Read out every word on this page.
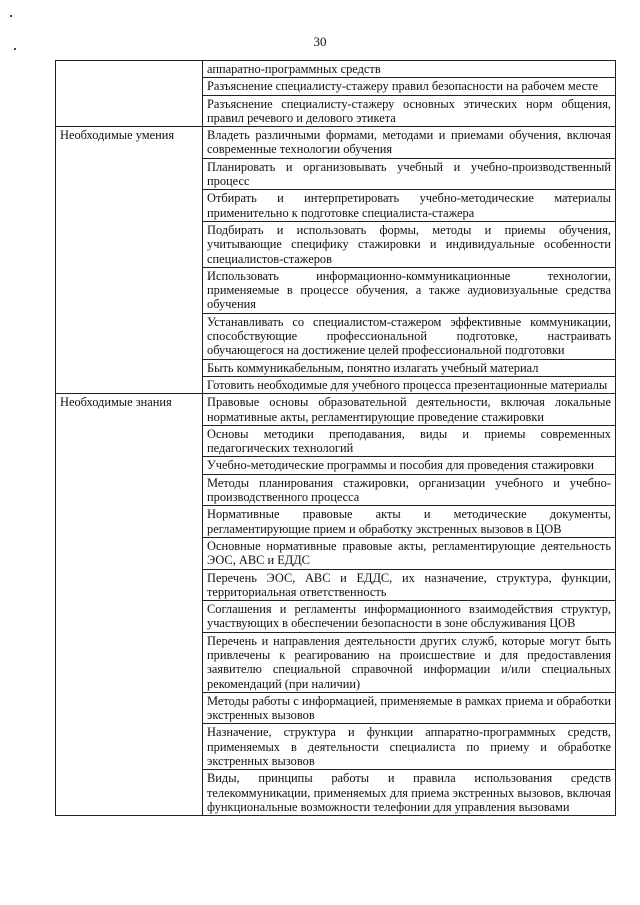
30

	аппаратно-программных средств

	Разъяснение специалисту-стажеру правил безопасности на рабочем месте

	Разъяснение специалисту-стажеру основных этических норм общения, правил речевого и делового этикета

Необходимые умения	Владеть различными формами, методами и приемами обучения, включая современные технологии обучения

	Планировать и организовывать учебный и учебно-производственный процесс

	Отбирать и интерпретировать учебно-методические материалы применительно к подготовке специалиста-стажера

	Подбирать и использовать формы, методы и приемы обучения, учитывающие специфику стажировки и индивидуальные особенности специалистов-стажеров

	Использовать информационно-коммуникационные технологии, применяемые в процессе обучения, а также аудиовизуальные средства обучения

	Устанавливать со специалистом-стажером эффективные коммуникации, способствующие профессиональной подготовке, настраивать обучающегося на достижение целей профессиональной подготовки

	Быть коммуникабельным, понятно излагать учебный материал

	Готовить необходимые для учебного процесса презентационные материалы

Необходимые знания	Правовые основы образовательной деятельности, включая локальные нормативные акты, регламентирующие проведение стажировки

	Основы методики преподавания, виды и приемы современных педагогических технологий

	Учебно-методические программы и пособия для проведения стажировки

	Методы планирования стажировки, организации учебного и учебно-производственного процесса

	Нормативные правовые акты и методические документы, регламентирующие прием и обработку экстренных вызовов в ЦОВ

	Основные нормативные правовые акты, регламентирующие деятельность ЭОС, АВС и ЕДДС

	Перечень ЭОС, АВС и ЕДДС, их назначение, структура, функции, территориальная ответственность

	Соглашения и регламенты информационного взаимодействия структур, участвующих в обеспечении безопасности в зоне обслуживания ЦОВ

	Перечень и направления деятельности других служб, которые могут быть привлечены к реагированию на происшествие и для предоставления заявителю специальной справочной информации и/или специальных рекомендаций (при наличии)

	Методы работы с информацией, применяемые в рамках приема и обработки экстренных вызовов

	Назначение, структура и функции аппаратно-программных средств, применяемых в деятельности специалиста по приему и обработке экстренных вызовов

	Виды, принципы работы и правила использования средств телекоммуникации, применяемых для приема экстренных вызовов, включая функциональные возможности телефонии для управления вызовами
